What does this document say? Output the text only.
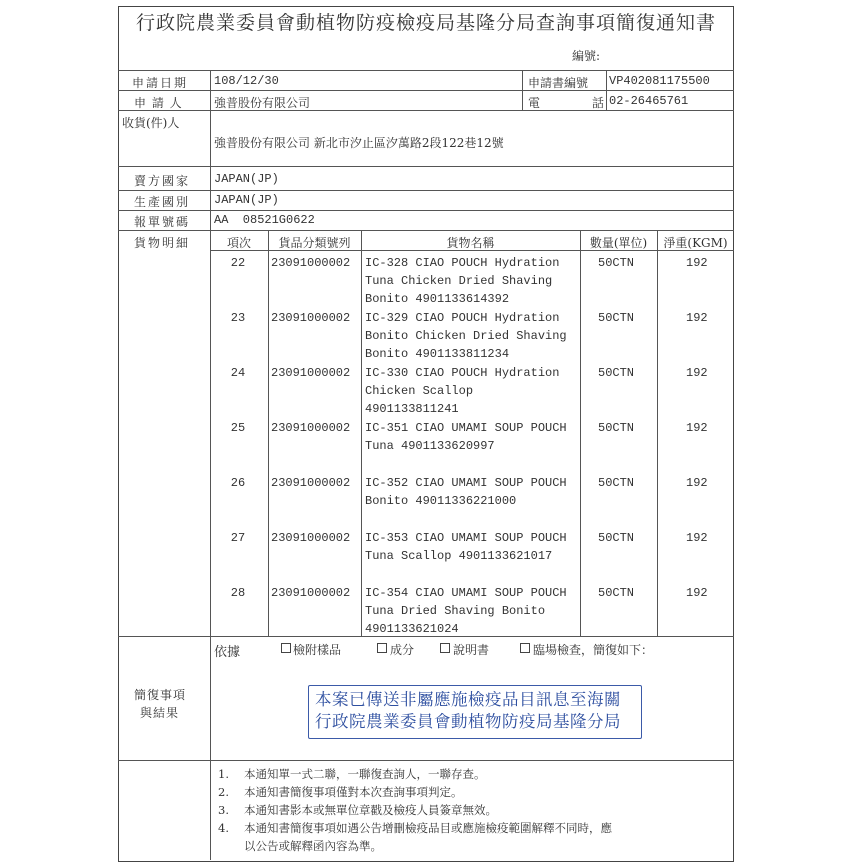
行政院農業委員會動植物防疫檢疫局基隆分局查詢事項簡復通知書
編號:
申請日期 108/12/30	申請書編號 VP402081175500
申 請 人	強普股份有限公司	電	話 02-26465761
收貨(件)人
強普股份有限公司 新北市汐止區汐萬路2段122巷12號
賣方國家 JAPAN(JP)
生產國別 JAPAN(JP)
報單號碼 AA  08521G0622
貨物明細	項次	貨品分類號列	貨物名稱	數量(單位)	淨重(KGM)
22	23091000002 IC-328 CIAO POUCH Hydration
Tuna Chicken Dried Shaving
Bonito 4901133614392
50CTN	192
23	23091000002 IC-329 CIAO POUCH Hydration
Bonito Chicken Dried Shaving
Bonito 4901133811234
50CTN	192
24	23091000002 IC-330 CIAO POUCH Hydration
Chicken Scallop
4901133811241
50CTN	192
25	23091000002 IC-351 CIAO UMAMI SOUP POUCH
Tuna 4901133620997
50CTN	192
26	23091000002 IC-352 CIAO UMAMI SOUP POUCH
Bonito 49011336221000
50CTN	192
27	23091000002 IC-353 CIAO UMAMI SOUP POUCH
Tuna Scallop 4901133621017
50CTN	192
28	23091000002 IC-354 CIAO UMAMI SOUP POUCH
Tuna Dried Shaving Bonito
4901133621024
50CTN	192
簡復事項
與結果
依據	檢附樣品	成分	說明書	臨場檢查，簡復如下：
本案已傳送非屬應施檢疫品目訊息至海關
行政院農業委員會動植物防疫局基隆分局
1. 本通知單一式二聯，一聯復查詢人，一聯存查。
2. 本通知書簡復事項僅對本次查詢事項判定。
3. 本通知書影本或無單位章戳及檢疫人員簽章無效。
4. 本通知書簡復事項如遇公告增刪檢疫品目或應施檢疫範圍解釋不同時，應
以公告或解釋函內容為準。
